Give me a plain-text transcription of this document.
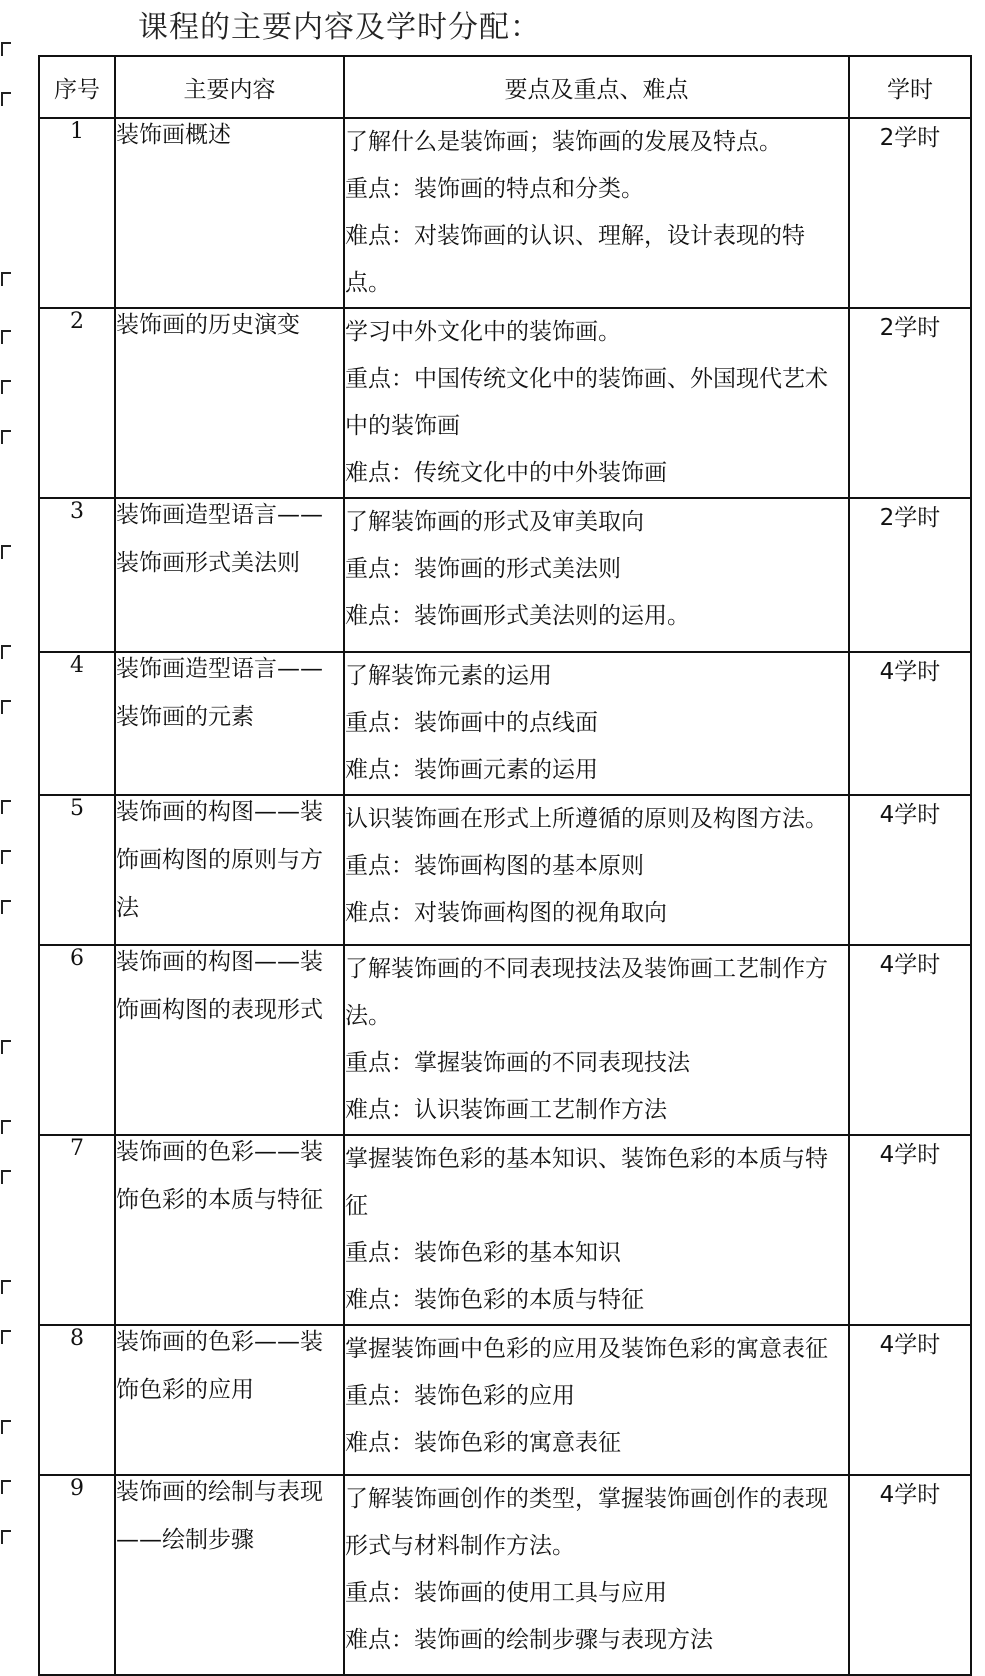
课程的主要内容及学时分配：
序号	主要内容	要点及重点、难点	学时
1	装饰画概述	了解什么是装饰画；装饰画的发展及特点。
重点：装饰画的特点和分类。
难点：对装饰画的认识、理解，设计表现的特点。	2学时
2	装饰画的历史演变	学习中外文化中的装饰画。
重点：中国传统文化中的装饰画、外国现代艺术中的装饰画
难点：传统文化中的中外装饰画	2学时
3	装饰画造型语言——装饰画形式美法则	了解装饰画的形式及审美取向
重点：装饰画的形式美法则
难点：装饰画形式美法则的运用。	2学时
4	装饰画造型语言——装饰画的元素	了解装饰元素的运用
重点：装饰画中的点线面
难点：装饰画元素的运用	4学时
5	装饰画的构图——装饰画构图的原则与方法	认识装饰画在形式上所遵循的原则及构图方法。
重点：装饰画构图的基本原则
难点：对装饰画构图的视角取向	4学时
6	装饰画的构图——装饰画构图的表现形式	了解装饰画的不同表现技法及装饰画工艺制作方法。
重点：掌握装饰画的不同表现技法
难点：认识装饰画工艺制作方法	4学时
7	装饰画的色彩——装饰色彩的本质与特征	掌握装饰色彩的基本知识、装饰色彩的本质与特征
重点：装饰色彩的基本知识
难点：装饰色彩的本质与特征	4学时
8	装饰画的色彩——装饰色彩的应用	掌握装饰画中色彩的应用及装饰色彩的寓意表征
重点：装饰色彩的应用
难点：装饰色彩的寓意表征	4学时
9	装饰画的绘制与表现——绘制步骤	了解装饰画创作的类型，掌握装饰画创作的表现形式与材料制作方法。
重点：装饰画的使用工具与应用
难点：装饰画的绘制步骤与表现方法	4学时
